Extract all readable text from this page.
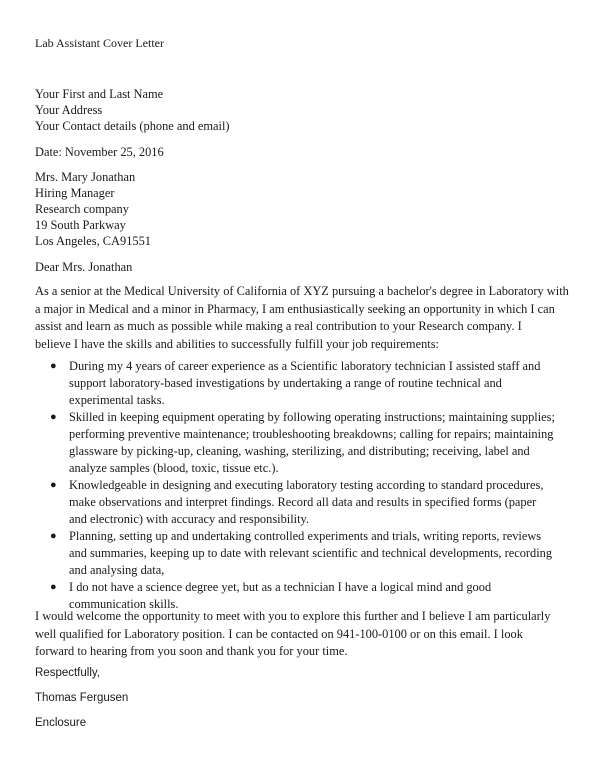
Lab Assistant Cover Letter

Your First and Last Name

Your Address

Your Contact details (phone and email)

Date: November 25, 2016

Mrs. Mary Jonathan

Hiring Manager

Research company

19 South Parkway

Los Angeles, CA91551

Dear Mrs. Jonathan

As a senior at the Medical University of California of XYZ pursuing a bachelor's degree in Laboratory with
a major in Medical and a minor in Pharmacy, I am enthusiastically seeking an opportunity in which I can
assist and learn as much as possible while making a real contribution to your Research company. I
believe I have the skills and abilities to successfully fulfill your job requirements:
● During my 4 years of career experience as a Scientific laboratory technician I assisted staff and
support laboratory-based investigations by undertaking a range of routine technical and
experimental tasks.
● Skilled in keeping equipment operating by following operating instructions; maintaining supplies;
performing preventive maintenance; troubleshooting breakdowns; calling for repairs; maintaining
glassware by picking-up, cleaning, washing, sterilizing, and distributing; receiving, label and
analyze samples (blood, toxic, tissue etc.).
● Knowledgeable in designing and executing laboratory testing according to standard procedures,
make observations and interpret findings. Record all data and results in specified forms (paper
and electronic) with accuracy and responsibility.
● Planning, setting up and undertaking controlled experiments and trials, writing reports, reviews
and summaries, keeping up to date with relevant scientific and technical developments, recording
and analysing data,
● I do not have a science degree yet, but as a technician I have a logical mind and good
communication skills.
I would welcome the opportunity to meet with you to explore this further and I believe I am particularly
well qualified for Laboratory position. I can be contacted on 941-100-0100 or on this email. I look
forward to hearing from you soon and thank you for your time.

Respectfully,

Thomas Fergusen

Enclosure
